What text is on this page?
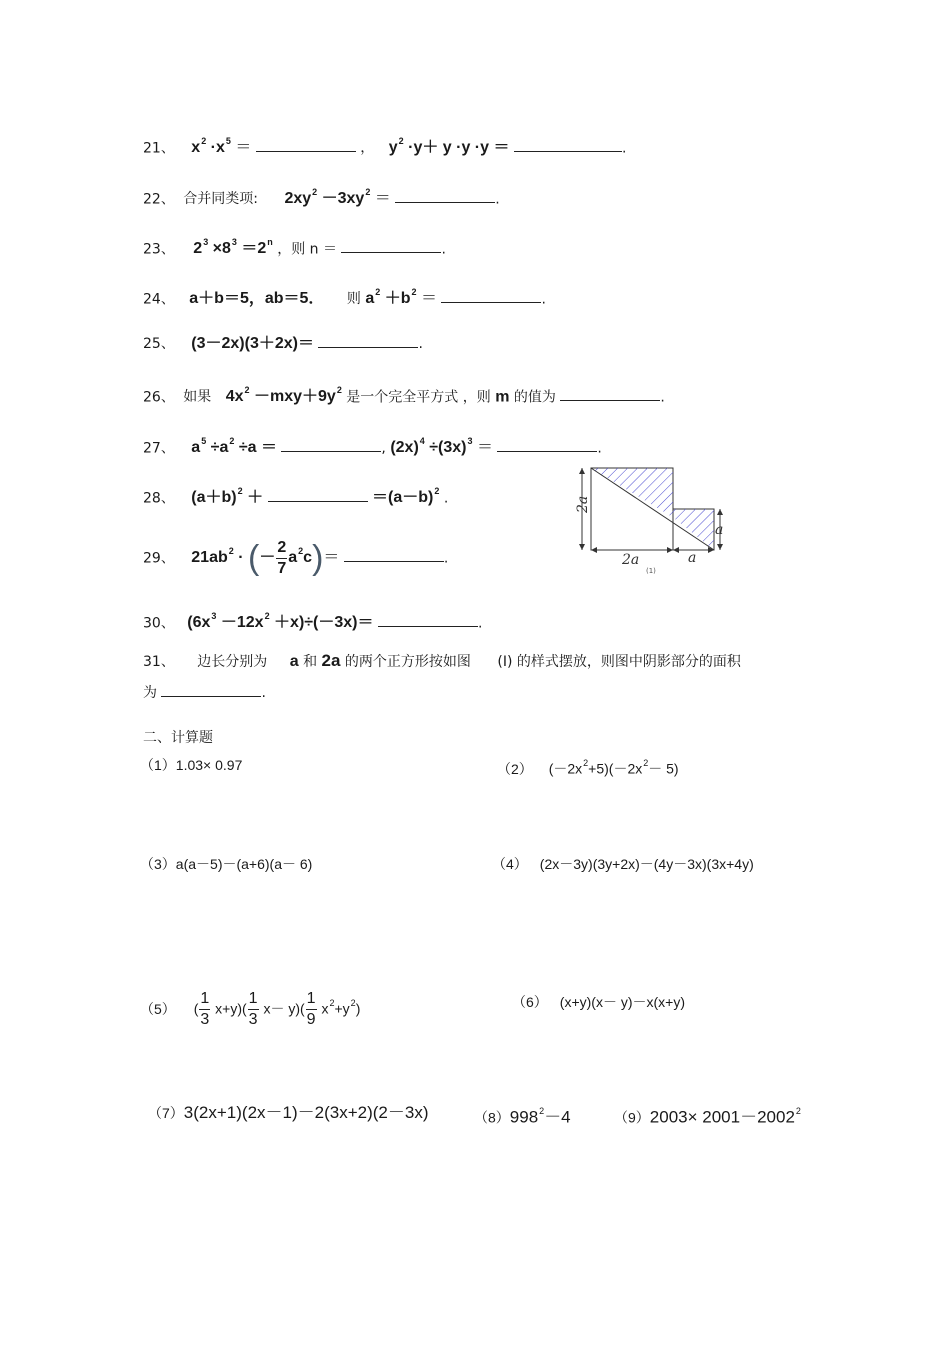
21、 $x^2 \cdot x^5$ ＝	， $y^2 \cdot y+ y \cdot y \cdot y$ ＝	.
22、 合并同类项: $2xy^2 -3xy^2$ ＝	.
23、 $2^3 \times 8^3 =2^n$ ，则 n ＝	.
24、 a＋b＝5，ab＝5． 则 $a^2 +b^2$ ＝	.
25、 (3－2x)(3＋2x)＝	.
26、 如果 $4x^2 -mxy+9y^2$ 是一个完全平方式 ，则 m 的值为	.
27、 $a^5 \div a^2 \div a$ ＝	, $(2x)^4 \div(3x)^3$ ＝	.
28、 $(a+b)^2$ ＋	$=(a-b)^2$ .
29、 $21ab^2$ · (－ $\frac{2}{7} a^2c)=$	.
2a
2a	a
(1)
a
30、 $(6x^3 -12x^2 +x)\div(-3x)=$	.
31、 边长分别为 a 和 2a 的两个正方形按如图 (I) 的样式摆放，则图中阴影部分的面积
为	.
二、计算题
（1）1.03× 0.97	（2） $(-2x^2+5)(-2x^2- 5)$
（3）a(a－5)－(a+6)(a－ 6)	（4） (2x－3y)(3y+2x)－(4y－3x)(3x+4y)
（5） ( $\frac{1}{3} x+y)( \frac{1}{3} x- y)( \frac{1}{9} x^2+y^2)$	（6） (x+y)(x－ y)－x(x+y)
（7）3(2x+1)(2x－1)－2(3x+2)(2－3x)	$(8)998^2-4$	$(9)2003\times 2001-2002^2$
